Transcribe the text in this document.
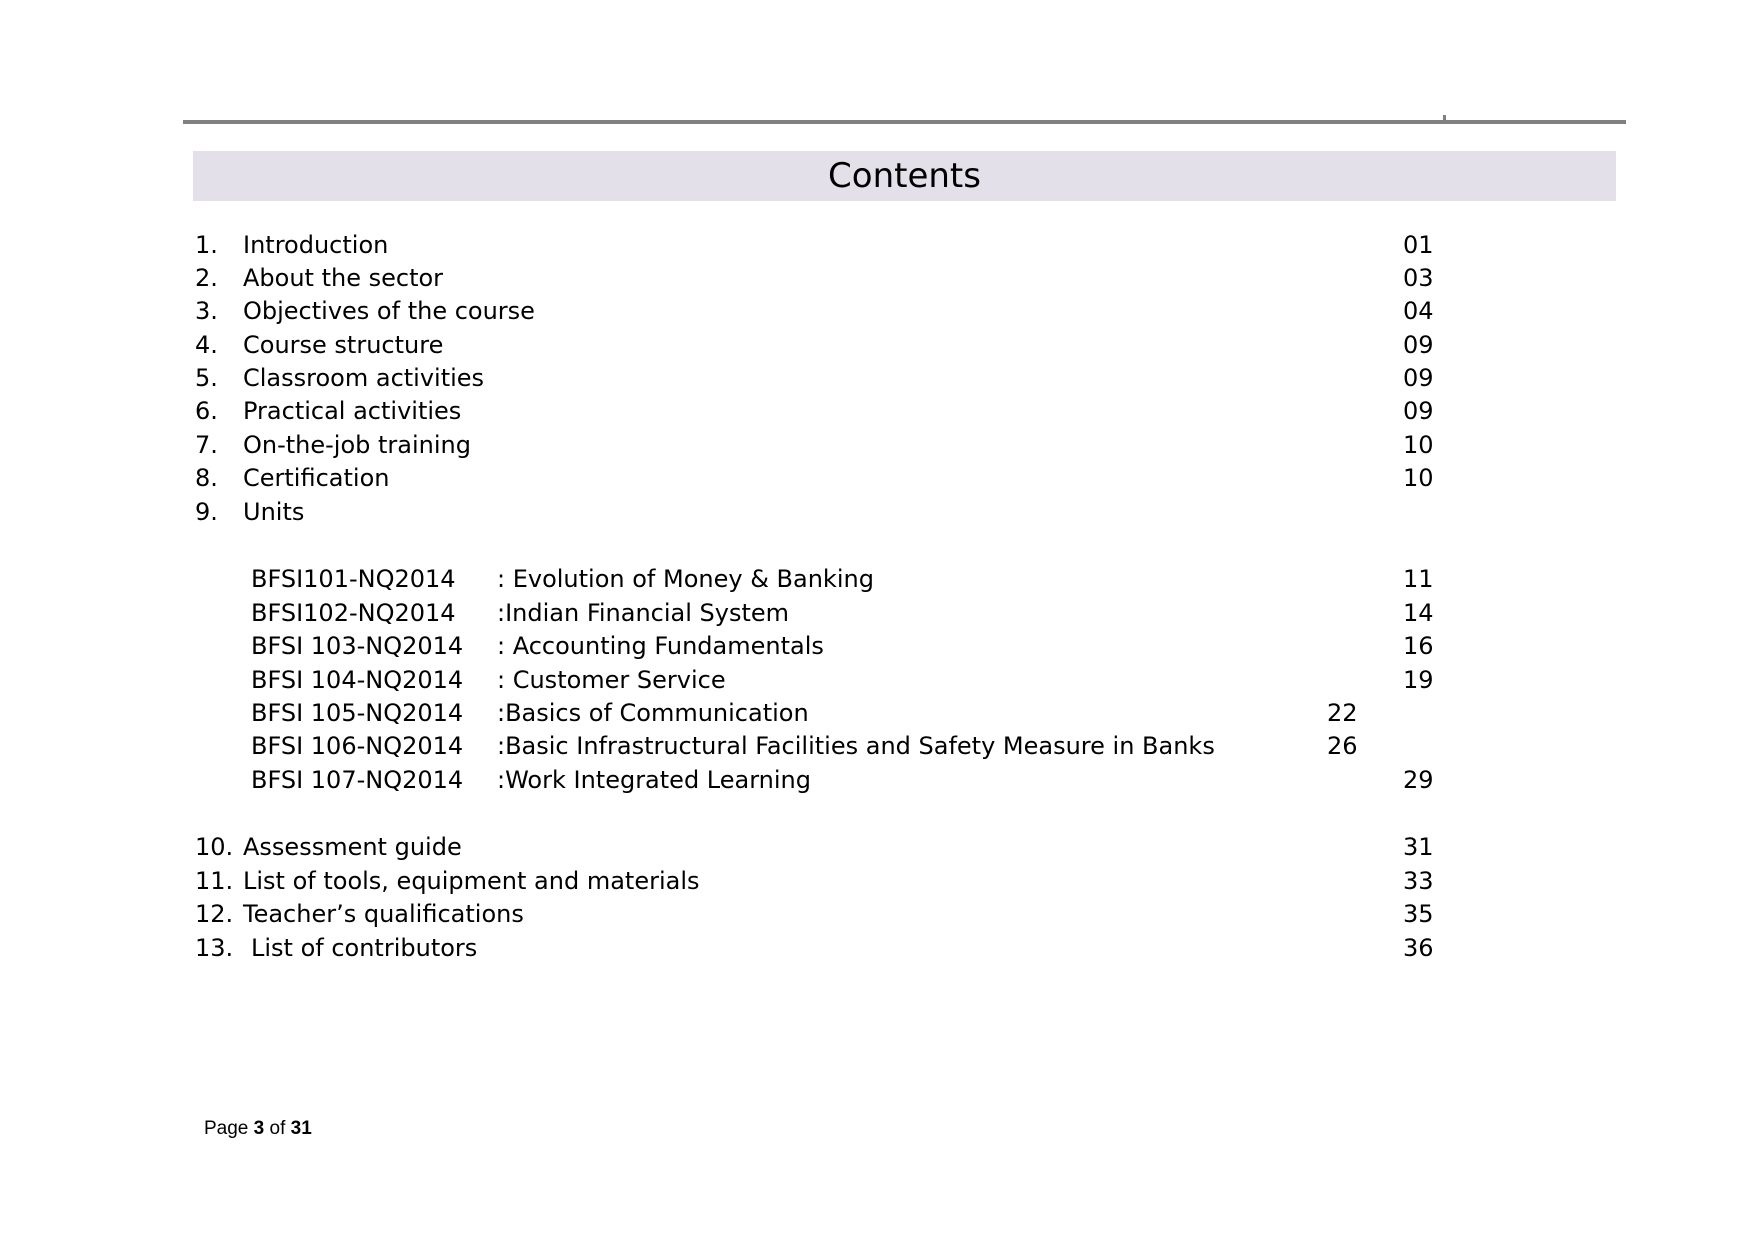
Contents
1. Introduction	01
2. About the sector	03
3. Objectives of the course	04
4. Course structure	09
5. Classroom activities	09
6. Practical activities	09
7. On-the-job training	10
8. Certification	10
9. Units
BFSI101-NQ2014 : Evolution of Money & Banking	11
BFSI102-NQ2014 :Indian Financial System	14
BFSI 103-NQ2014 : Accounting Fundamentals	16
BFSI 104-NQ2014 : Customer Service	19
BFSI 105-NQ2014 :Basics of Communication	22
BFSI 106-NQ2014 :Basic Infrastructural Facilities and Safety Measure in Banks	26
BFSI 107-NQ2014 :Work Integrated Learning	29
10. Assessment guide	31
11. List of tools, equipment and materials	33
12. Teacher’s qualifications	35
13. List of contributors	36
Page 3 of 31
